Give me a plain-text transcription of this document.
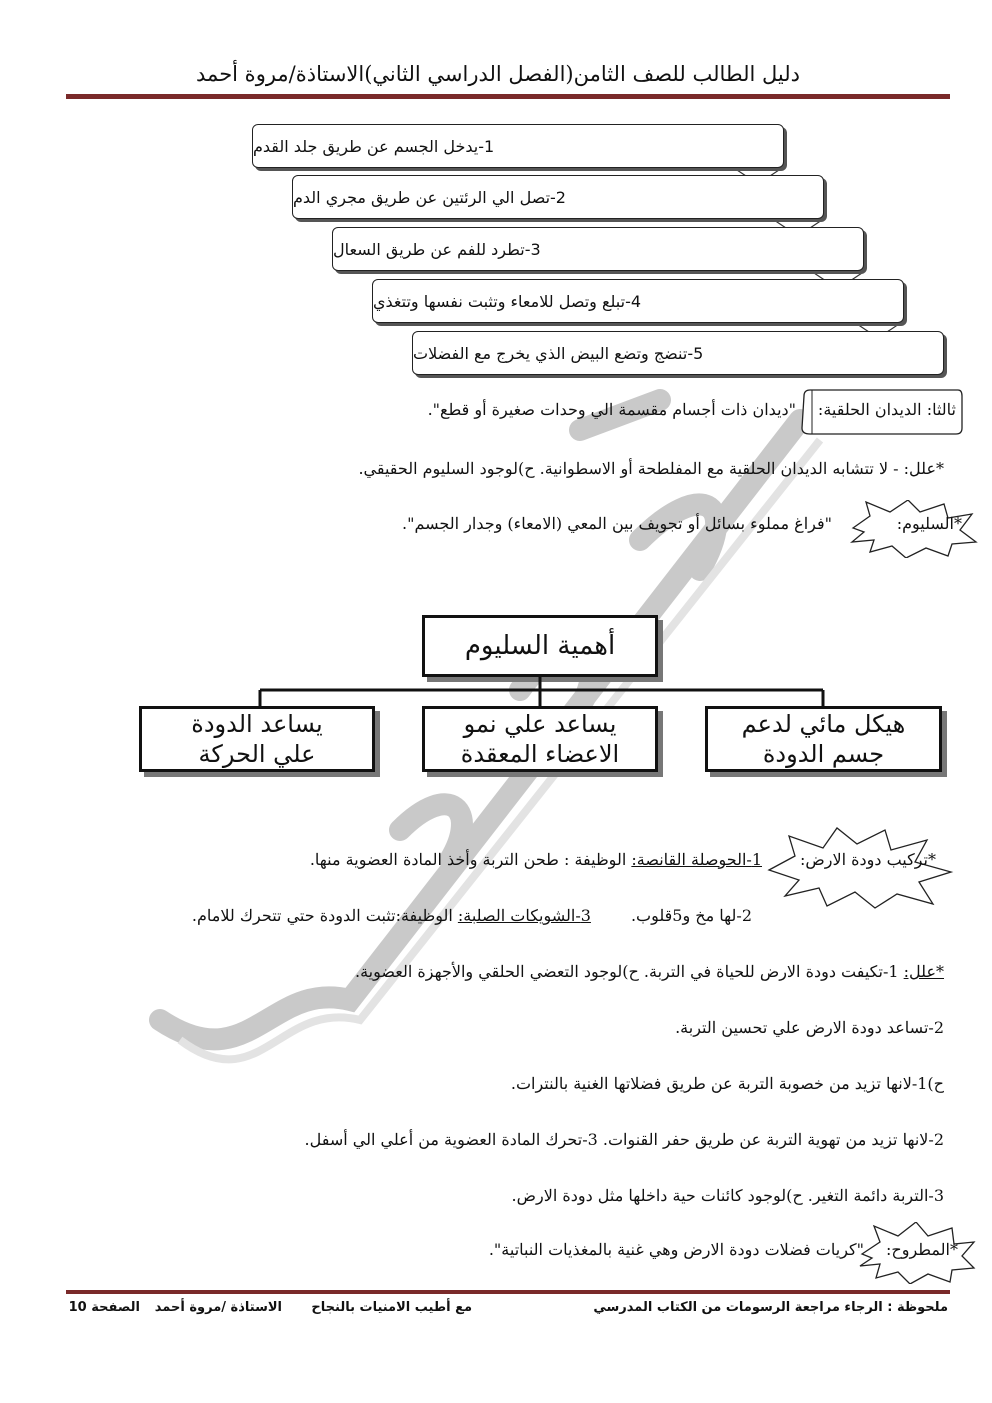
دليل الطالب للصف الثامن(الفصل الدراسي الثاني)الاستاذة/مروة أحمد
1-يدخل الجسم عن طريق جلد القدم
2-تصل الي الرئتين عن طريق مجري الدم
3-تطرد للفم عن طريق السعال
4-تبلع وتصل للامعاء وتثبت نفسها وتتغذي
5-تنضج وتضع البيض الذي يخرج مع الفضلات
ثالثا: الديدان الحلقية:
"ديدان ذات أجسام مقسمة الي وحدات صغيرة أو قطع".
*علل: - لا تتشابه الديدان الحلقية مع المفلطحة أو الاسطوانية. ح)لوجود السليوم الحقيقي.
*السليوم:
"فراغ مملوء بسائل أو تجويف بين المعي (الامعاء) وجدار الجسم".
أهمية السليوم
هيكل مائي لدعم
جسم الدودة
يساعد علي نمو
الاعضاء المعقدة
يساعد الدودة
علي الحركة
*تركيب دودة الارض:
1-الحوصلة القانصة: الوظيفة : طحن التربة وأخذ المادة العضوية منها.
2-لها مخ و5قلوب.3-الشويكات الصلبة: الوظيفة:تثبت الدودة حتي تتحرك للامام.
*علل: 1-تكيفت دودة الارض للحياة في التربة. ح)لوجود التعضي الحلقي والأجهزة العضوية.
2-تساعد دودة الارض علي تحسين التربة.
ح)1-لانها تزيد من خصوبة التربة عن طريق فضلاتها الغنية بالنترات.
2-لانها تزيد من تهوية التربة عن طريق حفر القنوات. 3-تحرك المادة العضوية من أعلي الي أسفل.
3-التربة دائمة التغير. ح)لوجود كائنات حية داخلها مثل دودة الارض.
*المطروح:
"كريات فضلات دودة الارض وهي غنية بالمغذيات النباتية".
ملحوظة : الرجاء مراجعة الرسومات من الكتاب المدرسي
مع أطيب الامنيات بالنجاح
الاستاذة /مروة أحمد
الصفحة 10
